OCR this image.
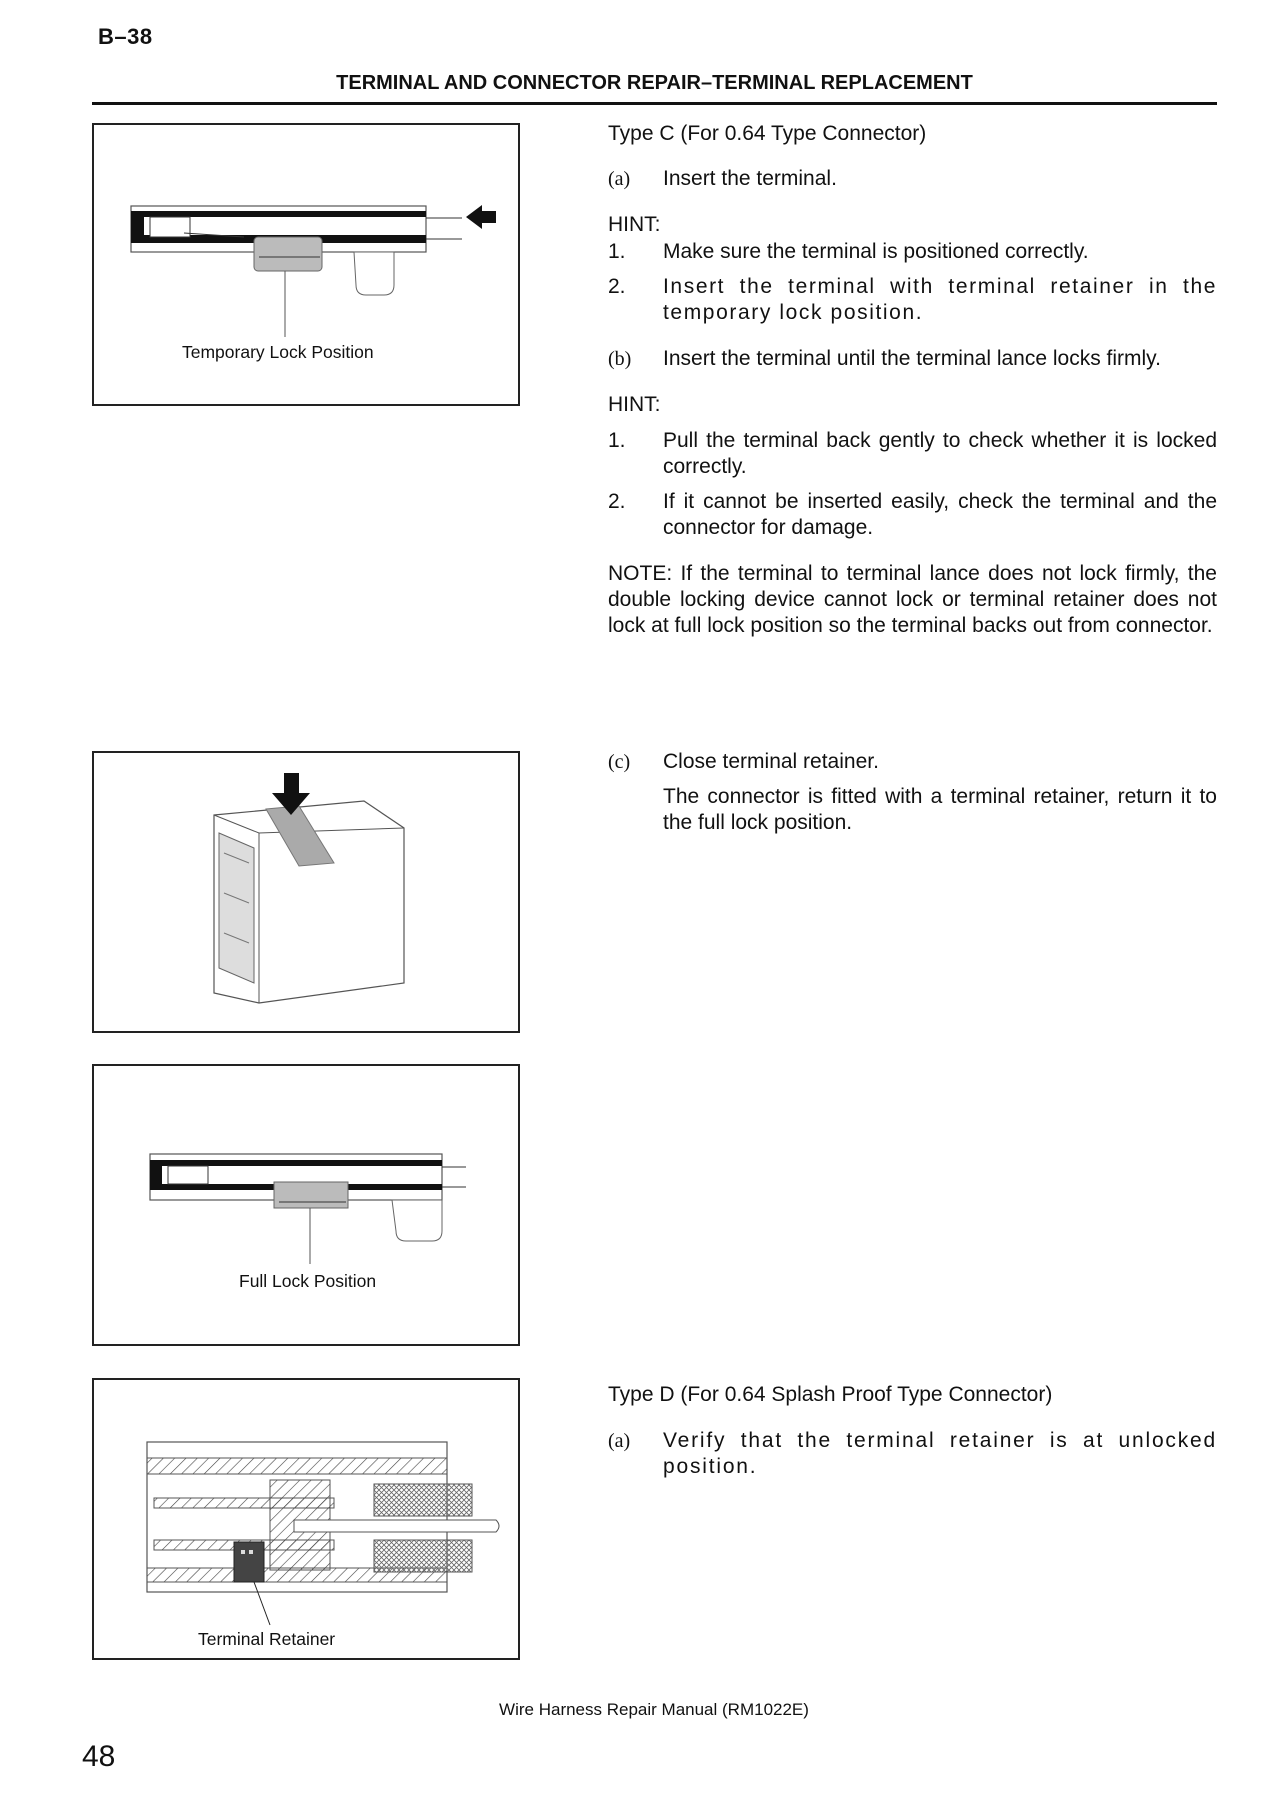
B–38
TERMINAL AND CONNECTOR REPAIR–TERMINAL REPLACEMENT
Temporary Lock Position
Full Lock Position
Terminal Retainer
Type C (For 0.64 Type Connector)
(a) Insert the terminal.
HINT:
1. Make sure the terminal is positioned correctly.
2. Insert the terminal with terminal retainer in the temporary lock position.
(b) Insert the terminal until the terminal lance locks firmly.
HINT:
1. Pull the terminal back gently to check whether it is locked correctly.
2. If it cannot be inserted easily, check the terminal and the connector for damage.
NOTE: If the terminal to terminal lance does not lock firmly, the double locking device cannot lock or terminal retainer does not lock at full lock position so the terminal backs out from connector.
(c) Close terminal retainer.
The connector is fitted with a terminal retainer, return it to the full lock position.
Type D (For 0.64 Splash Proof Type Connector)
(a) Verify that the terminal retainer is at unlocked position.
Wire Harness Repair Manual (RM1022E)
48
